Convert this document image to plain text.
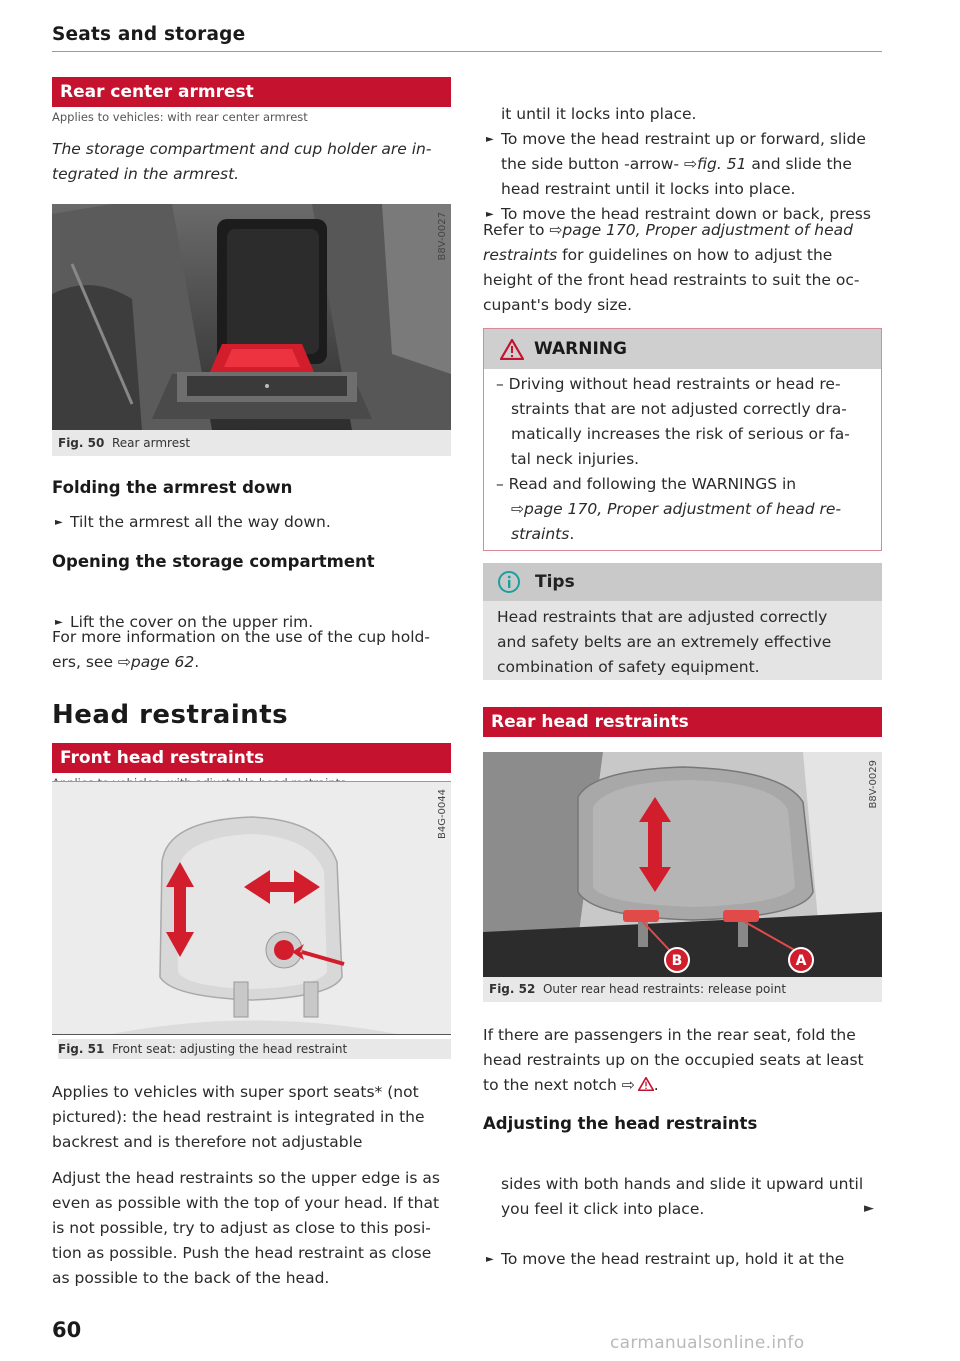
Seats and storage
Rear center armrest
Applies to vehicles: with rear center armrest
The storage compartment and cup holder are in-
tegrated in the armrest.
B8V-0027
Fig. 50 Rear armrest
Folding the armrest down
► Tilt the armrest all the way down.
Opening the storage compartment
► Lift the cover on the upper rim.
For more information on the use of the cup hold-
ers, see ⇨page 62.
Head restraints
Front head restraints
B4G-0044
Fig. 51 Front seat: adjusting the head restraint
Applies to vehicles with super sport seats* (not
pictured): the head restraint is integrated in the
backrest and is therefore not adjustable
Adjust the head restraints so the upper edge is as
even as possible with the top of your head. If that
is not possible, try to adjust as close to this posi-
tion as possible. Push the head restraint as close
as possible to the back of the head.
► To move the head restraint up or forward, slide
it until it locks into place.
► To move the head restraint down or back, press
the side button -arrow- ⇨fig. 51 and slide the
head restraint until it locks into place.
Refer to ⇨page 170, Proper adjustment of head
restraints for guidelines on how to adjust the
height of the front head restraints to suit the oc-
cupant's body size.
WARNING
– Driving without head restraints or head re-
straints that are not adjusted correctly dra-
matically increases the risk of serious or fa-
tal neck injuries.
– Read and following the WARNINGS in
⇨page 170, Proper adjustment of head re-
straints.
Tips
Head restraints that are adjusted correctly
and safety belts are an extremely effective
combination of safety equipment.
Rear head restraints
B	A
B8V-0029
Fig. 52 Outer rear head restraints: release point
If there are passengers in the rear seat, fold the
head restraints up on the occupied seats at least
to the next notch ⇨ .
Adjusting the head restraints
► To move the head restraint up, hold it at the
sides with both hands and slide it upward until
you feel it click into place.	►
60
carmanualsonline.info
